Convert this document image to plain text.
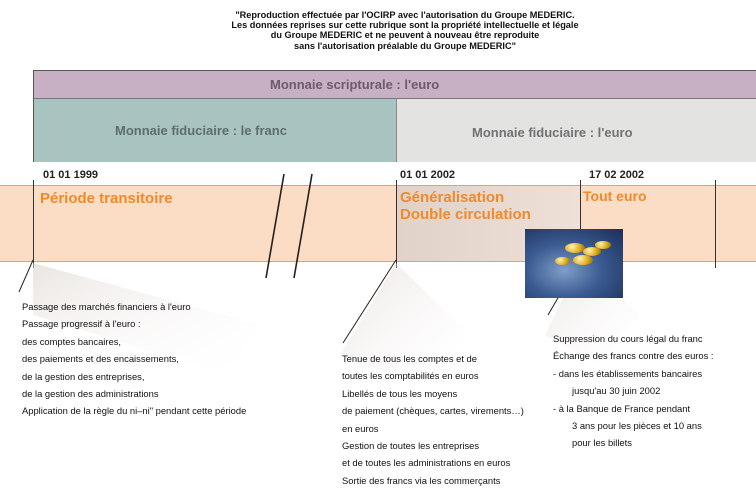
"Reproduction effectuée par l'OCIRP avec l'autorisation du Groupe MEDERIC.
Les données reprises sur cette rubrique sont la propriété intellectuelle et légale
du Groupe MEDERIC et ne peuvent à nouveau être reproduite
sans l'autorisation préalable du Groupe MEDERIC"
Monnaie scripturale : l'euro
Monnaie fiduciaire : le franc	Monnaie fiduciaire : l'euro
01 01 1999	01 01 2002	17 02 2002
Période transitoire	Généralisation
Double circulation
Tout euro
Passage des marchés financiers à l'euro
Passage progressif à l'euro :
des comptes bancaires,
des paiements et des encaissements,
de la gestion des entreprises,
de la gestion des administrations
Application de la règle du ni–ni" pendant cette période
Tenue de tous les comptes et de
toutes les comptabilités en euros
Libellés de tous les moyens
de paiement (chèques, cartes, virements…)
en euros
Gestion de toutes les entreprises
et de toutes les administrations en euros
Sortie des francs via les commerçants
Suppression du cours légal du franc
Échange des francs contre des euros :
- dans les établissements bancaires
jusqu'au 30 juin 2002
- à la Banque de France pendant
3 ans pour les pièces et 10 ans
pour les billets
